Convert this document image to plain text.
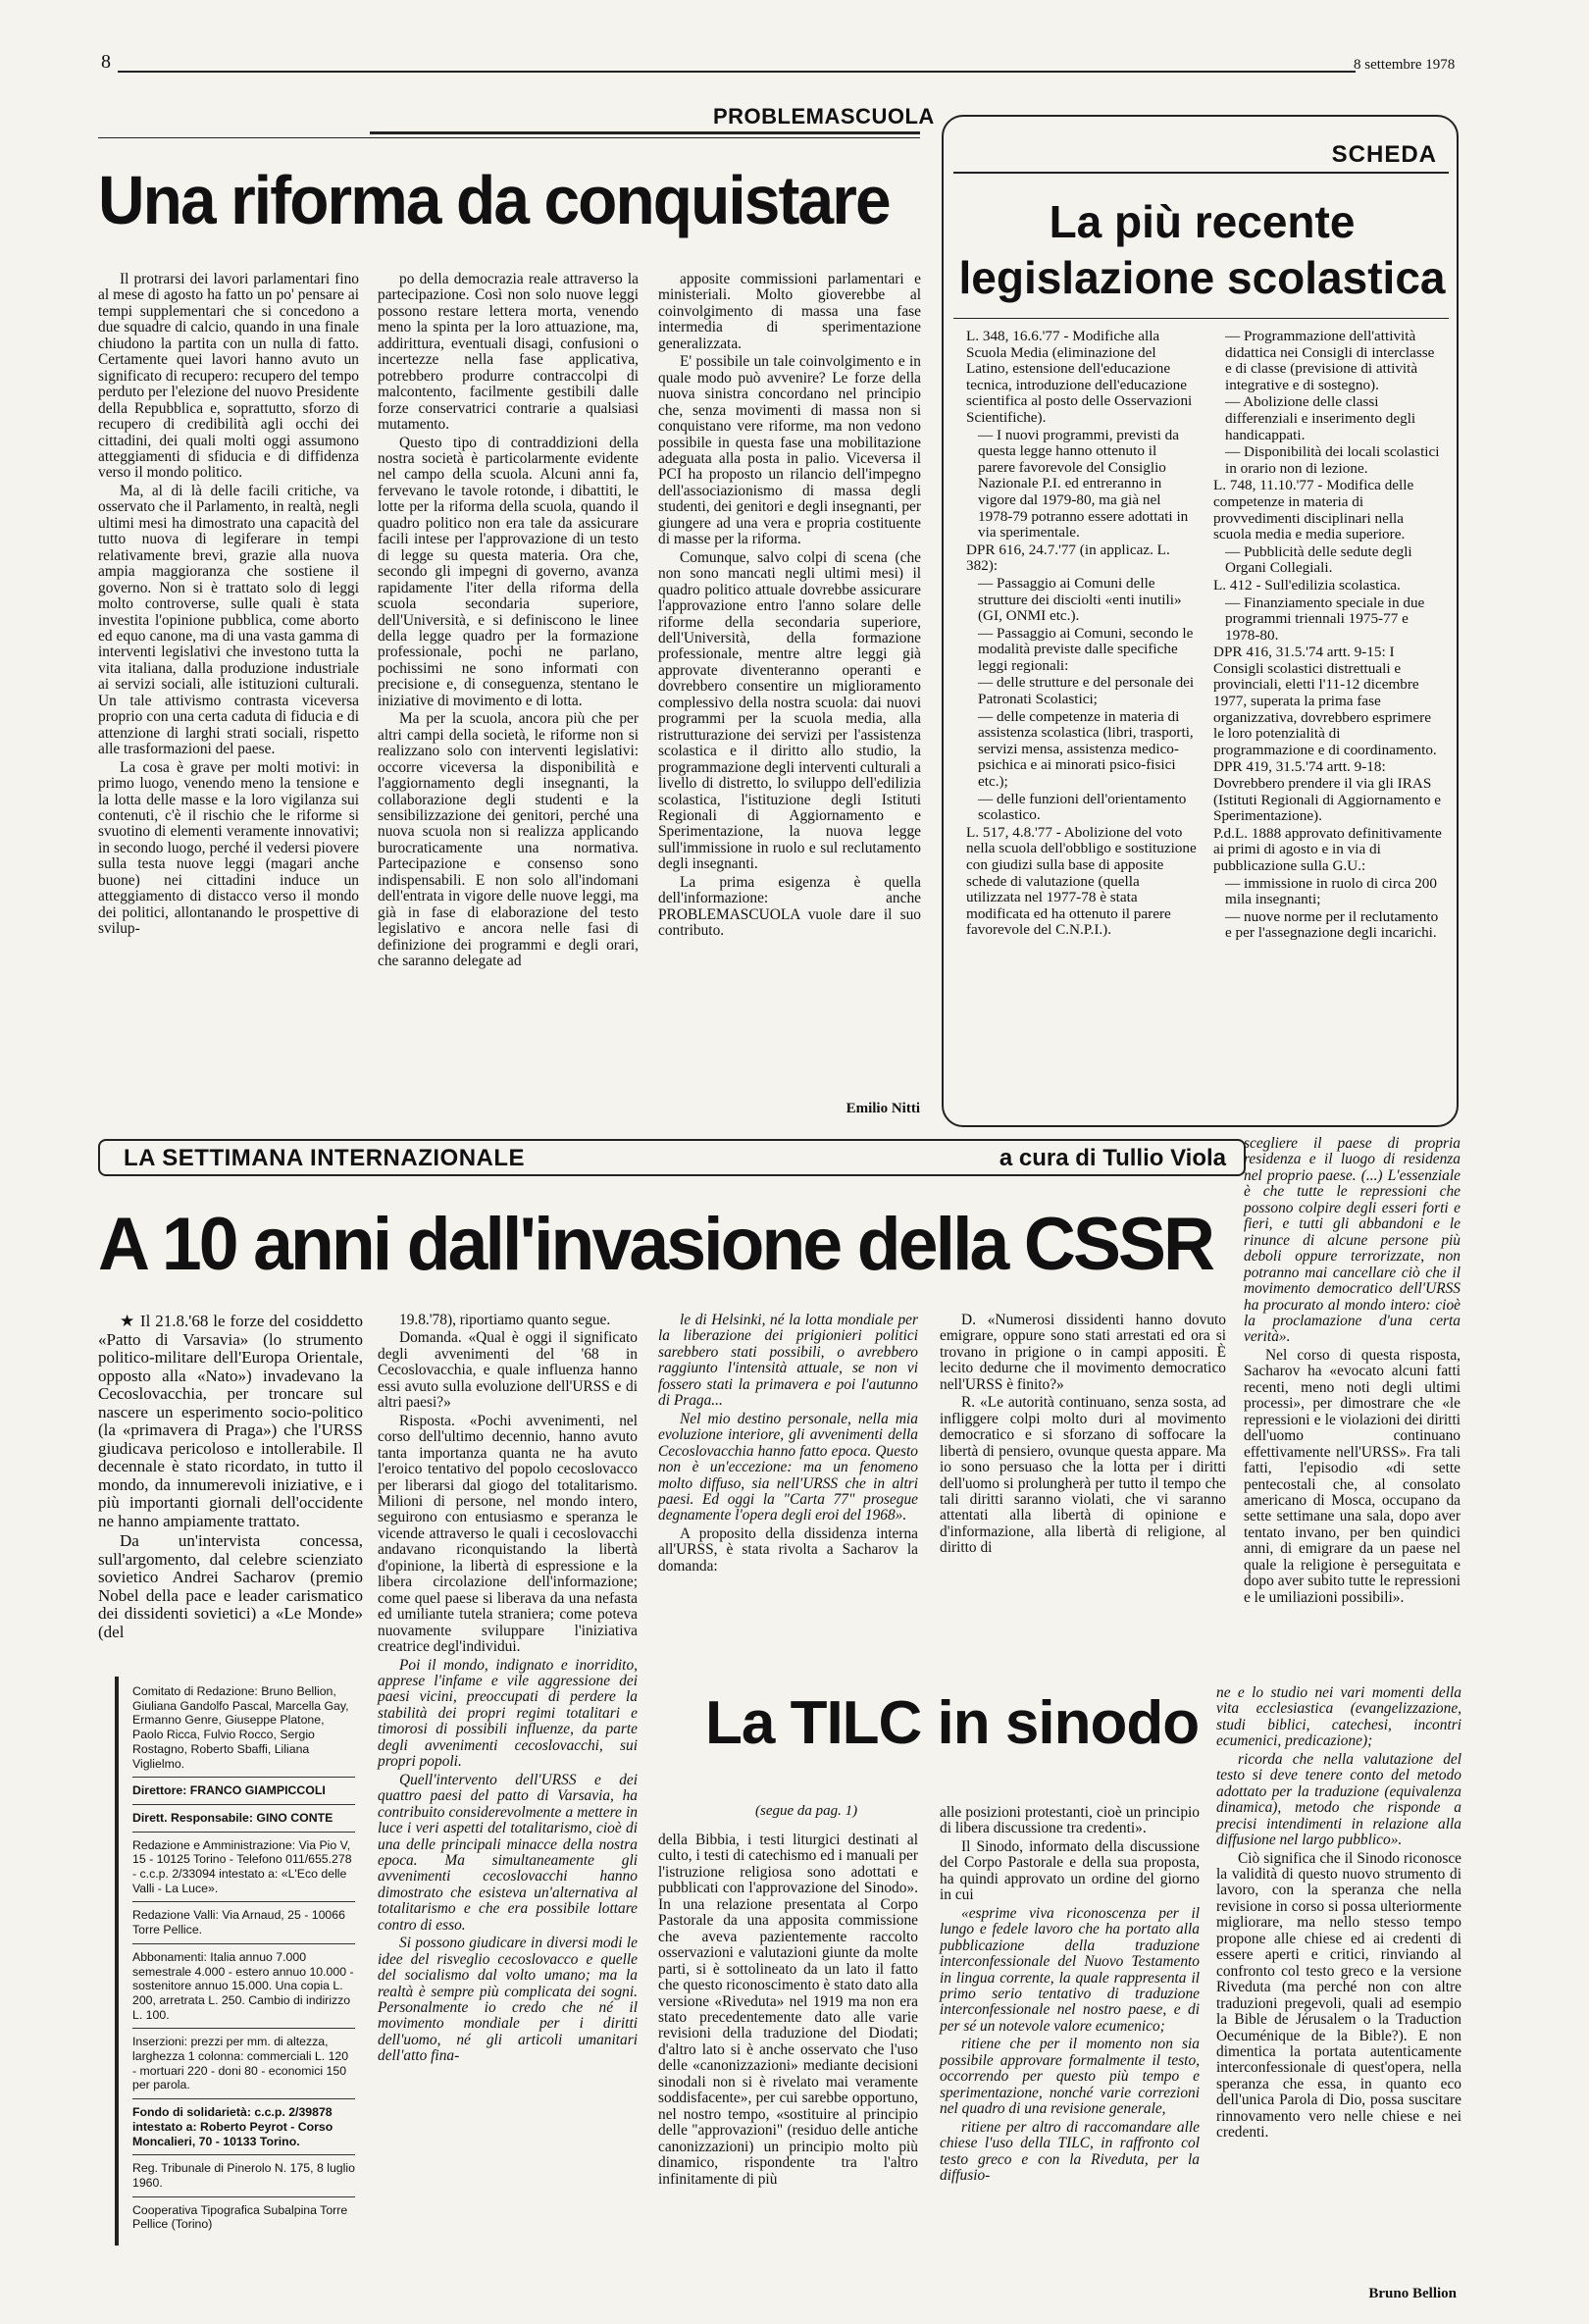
8	8 settembre 1978
PROBLEMASCUOLA
Una riforma da conquistare

Il protrarsi dei lavori parlamentari fino al mese di agosto ha fatto un po' pensare ai tempi supplementari che si concedono a due squadre di calcio, quando in una finale chiudono la partita con un nulla di fatto. Certamente quei lavori hanno avuto un significato di recupero: recupero del tempo perduto per l'elezione del nuovo Presidente della Repubblica e, soprattutto, sforzo di recupero di credibilità agli occhi dei cittadini, dei quali molti oggi assumono atteggiamenti di sfiducia e di diffidenza verso il mondo politico.

Ma, al di là delle facili critiche, va osservato che il Parlamento, in realtà, negli ultimi mesi ha dimostrato una capacità del tutto nuova di legiferare in tempi relativamente brevi, grazie alla nuova ampia maggioranza che sostiene il governo. Non si è trattato solo di leggi molto controverse, sulle quali è stata investita l'opinione pubblica, come aborto ed equo canone, ma di una vasta gamma di interventi legislativi che investono tutta la vita italiana, dalla produzione industriale ai servizi sociali, alle istituzioni culturali. Un tale attivismo contrasta viceversa proprio con una certa caduta di fiducia e di attenzione di larghi strati sociali, rispetto alle trasformazioni del paese.

La cosa è grave per molti motivi: in primo luogo, venendo meno la tensione e la lotta delle masse e la loro vigilanza sui contenuti, c'è il rischio che le riforme si svuotino di elementi veramente innovativi; in secondo luogo, perché il vedersi piovere sulla testa nuove leggi (magari anche buone) nei cittadini induce un atteggiamento di distacco verso il mondo dei politici, allontanando le prospettive di svilup-

po della democrazia reale attraverso la partecipazione. Così non solo nuove leggi possono restare lettera morta, venendo meno la spinta per la loro attuazione, ma, addirittura, eventuali disagi, confusioni o incertezze nella fase applicativa, potrebbero produrre contraccolpi di malcontento, facilmente gestibili dalle forze conservatrici contrarie a qualsiasi mutamento.

Questo tipo di contraddizioni della nostra società è particolarmente evidente nel campo della scuola. Alcuni anni fa, fervevano le tavole rotonde, i dibattiti, le lotte per la riforma della scuola, quando il quadro politico non era tale da assicurare facili intese per l'approvazione di un testo di legge su questa materia. Ora che, secondo gli impegni di governo, avanza rapidamente l'iter della riforma della scuola secondaria superiore, dell'Università, e si definiscono le linee della legge quadro per la formazione professionale, pochi ne parlano, pochissimi ne sono informati con precisione e, di conseguenza, stentano le iniziative di movimento e di lotta.

Ma per la scuola, ancora più che per altri campi della società, le riforme non si realizzano solo con interventi legislativi: occorre viceversa la disponibilità e l'aggiornamento degli insegnanti, la collaborazione degli studenti e la sensibilizzazione dei genitori, perché una nuova scuola non si realizza applicando burocraticamente una normativa. Partecipazione e consenso sono indispensabili. E non solo all'indomani dell'entrata in vigore delle nuove leggi, ma già in fase di elaborazione del testo legislativo e ancora nelle fasi di definizione dei programmi e degli orari, che saranno delegate ad

apposite commissioni parlamentari e ministeriali. Molto gioverebbe al coinvolgimento di massa una fase intermedia di sperimentazione generalizzata.

E' possibile un tale coinvolgimento e in quale modo può avvenire? Le forze della nuova sinistra concordano nel principio che, senza movimenti di massa non si conquistano vere riforme, ma non vedono possibile in questa fase una mobilitazione adeguata alla posta in palio. Viceversa il PCI ha proposto un rilancio dell'impegno dell'associazionismo di massa degli studenti, dei genitori e degli insegnanti, per giungere ad una vera e propria costituente di masse per la riforma.

Comunque, salvo colpi di scena (che non sono mancati negli ultimi mesi) il quadro politico attuale dovrebbe assicurare l'approvazione entro l'anno solare delle riforme della secondaria superiore, dell'Università, della formazione professionale, mentre altre leggi già approvate diventeranno operanti e dovrebbero consentire un miglioramento complessivo della nostra scuola: dai nuovi programmi per la scuola media, alla ristrutturazione dei servizi per l'assistenza scolastica e il diritto allo studio, la programmazione degli interventi culturali a livello di distretto, lo sviluppo dell'edilizia scolastica, l'istituzione degli Istituti Regionali di Aggiornamento e Sperimentazione, la nuova legge sull'immissione in ruolo e sul reclutamento degli insegnanti.

La prima esigenza è quella dell'informazione: anche PROBLEMASCUOLA vuole dare il suo contributo.

Emilio Nitti
SCHEDA
La più recente
legislazione scolastica
L. 348, 16.6.'77 - Modifiche alla Scuola Media (eliminazione del Latino, estensione dell'educazione tecnica, introduzione dell'educazione scientifica al posto delle Osservazioni Scientifiche).
— I nuovi programmi, previsti da questa legge hanno ottenuto il parere favorevole del Consiglio Nazionale P.I. ed entreranno in vigore dal 1979-80, ma già nel 1978-79 potranno essere adottati in via sperimentale.
DPR 616, 24.7.'77 (in applicaz. L. 382):
— Passaggio ai Comuni delle strutture dei disciolti «enti inutili» (GI, ONMI etc.).
— Passaggio ai Comuni, secondo le modalità previste dalle specifiche leggi regionali:
— delle strutture e del personale dei Patronati Scolastici;
— delle competenze in materia di assistenza scolastica (libri, trasporti, servizi mensa, assistenza medico-psichica e ai minorati psico-fisici etc.);
— delle funzioni dell'orientamento scolastico.
L. 517, 4.8.'77 - Abolizione del voto nella scuola dell'obbligo e sostituzione con giudizi sulla base di apposite schede di valutazione (quella utilizzata nel 1977-78 è stata modificata ed ha ottenuto il parere favorevole del C.N.P.I.).
— Programmazione dell'attività didattica nei Consigli di interclasse e di classe (previsione di attività integrative e di sostegno).
— Abolizione delle classi differenziali e inserimento degli handicappati.
— Disponibilità dei locali scolastici in orario non di lezione.
L. 748, 11.10.'77 - Modifica delle competenze in materia di provvedimenti disciplinari nella scuola media e media superiore.
— Pubblicità delle sedute degli Organi Collegiali.
L. 412 - Sull'edilizia scolastica.
— Finanziamento speciale in due programmi triennali 1975-77 e 1978-80.
DPR 416, 31.5.'74 artt. 9-15: I Consigli scolastici distrettuali e provinciali, eletti l'11-12 dicembre 1977, superata la prima fase organizzativa, dovrebbero esprimere le loro potenzialità di programmazione e di coordinamento.
DPR 419, 31.5.'74 artt. 9-18: Dovrebbero prendere il via gli IRAS (Istituti Regionali di Aggiornamento e Sperimentazione).
P.d.L. 1888 approvato definitivamente ai primi di agosto e in via di pubblicazione sulla G.U.:
— immissione in ruolo di circa 200 mila insegnanti;
— nuove norme per il reclutamento e per l'assegnazione degli incarichi.
LA SETTIMANA INTERNAZIONALE	a cura di Tullio Viola
A 10 anni dall'invasione della CSSR

scegliere il paese di propria residenza e il luogo di residenza nel proprio paese. (...) L'essenziale è che tutte le repressioni che possono colpire degli esseri forti e fieri, e tutti gli abbandoni e le rinunce di alcune persone più deboli oppure terrorizzate, non potranno mai cancellare ciò che il movimento democratico dell'URSS ha procurato al mondo intero: cioè la proclamazione d'una certa verità».

Nel corso di questa risposta, Sacharov ha «evocato alcuni fatti recenti, meno noti degli ultimi processi», per dimostrare che «le repressioni e le violazioni dei diritti dell'uomo continuano effettivamente nell'URSS». Fra tali fatti, l'episodio «di sette pentecostali che, al consolato americano di Mosca, occupano da sette settimane una sala, dopo aver tentato invano, per ben quindici anni, di emigrare da un paese nel quale la religione è perseguitata e dopo aver subito tutte le repressioni e le umiliazioni possibili».

★ Il 21.8.'68 le forze del cosiddetto «Patto di Varsavia» (lo strumento politico-militare dell'Europa Orientale, opposto alla «Nato») invadevano la Cecoslovacchia, per troncare sul nascere un esperimento socio-politico (la «primavera di Praga») che l'URSS giudicava pericoloso e intollerabile. Il decennale è stato ricordato, in tutto il mondo, da innumerevoli iniziative, e i più importanti giornali dell'occidente ne hanno ampiamente trattato.

Da un'intervista concessa, sull'argomento, dal celebre scienziato sovietico Andrei Sacharov (premio Nobel della pace e leader carismatico dei dissidenti sovietici) a «Le Monde» (del

19.8.'78), riportiamo quanto segue.

Domanda. «Qual è oggi il significato degli avvenimenti del '68 in Cecoslovacchia, e quale influenza hanno essi avuto sulla evoluzione dell'URSS e di altri paesi?»

Risposta. «Pochi avvenimenti, nel corso dell'ultimo decennio, hanno avuto tanta importanza quanta ne ha avuto l'eroico tentativo del popolo cecoslovacco per liberarsi dal giogo del totalitarismo. Milioni di persone, nel mondo intero, seguirono con entusiasmo e speranza le vicende attraverso le quali i cecoslovacchi andavano riconquistando la libertà d'opinione, la libertà di espressione e la libera circolazione dell'informazione; come quel paese si liberava da una nefasta ed umiliante tutela straniera; come poteva nuovamente sviluppare l'iniziativa creatrice degl'individui.

Poi il mondo, indignato e inorridito, apprese l'infame e vile aggressione dei paesi vicini, preoccupati di perdere la stabilità dei propri regimi totalitari e timorosi di possibili influenze, da parte degli avvenimenti cecoslovacchi, sui propri popoli.

Quell'intervento dell'URSS e dei quattro paesi del patto di Varsavia, ha contribuito considerevolmente a mettere in luce i veri aspetti del totalitarismo, cioè di una delle principali minacce della nostra epoca. Ma simultaneamente gli avvenimenti cecoslovacchi hanno dimostrato che esisteva un'alternativa al totalitarismo e che era possibile lottare contro di esso.

Si possono giudicare in diversi modi le idee del risveglio cecoslovacco e quelle del socialismo dal volto umano; ma la realtà è sempre più complicata dei sogni. Personalmente io credo che né il movimento mondiale per i diritti dell'uomo, né gli articoli umanitari dell'atto fina-

le di Helsinki, né la lotta mondiale per la liberazione dei prigionieri politici sarebbero stati possibili, o avrebbero raggiunto l'intensità attuale, se non vi fossero stati la primavera e poi l'autunno di Praga...

Nel mio destino personale, nella mia evoluzione interiore, gli avvenimenti della Cecoslovacchia hanno fatto epoca. Questo non è un'eccezione: ma un fenomeno molto diffuso, sia nell'URSS che in altri paesi. Ed oggi la "Carta 77" prosegue degnamente l'opera degli eroi del 1968».

A proposito della dissidenza interna all'URSS, è stata rivolta a Sacharov la domanda:

D. «Numerosi dissidenti hanno dovuto emigrare, oppure sono stati arrestati ed ora si trovano in prigione o in campi appositi. È lecito dedurne che il movimento democratico nell'URSS è finito?»

R. «Le autorità continuano, senza sosta, ad infliggere colpi molto duri al movimento democratico e si sforzano di soffocare la libertà di pensiero, ovunque questa appare. Ma io sono persuaso che la lotta per i diritti dell'uomo si prolungherà per tutto il tempo che tali diritti saranno violati, che vi saranno attentati alla libertà di opinione e d'informazione, alla libertà di religione, al diritto di

Comitato di Redazione: Bruno Bellion, Giuliana Gandolfo Pascal, Marcella Gay, Ermanno Genre, Giuseppe Platone, Paolo Ricca, Fulvio Rocco, Sergio Rostagno, Roberto Sbaffi, Liliana Viglielmo.
Direttore: FRANCO GIAMPICCOLI
Dirett. Responsabile: GINO CONTE
Redazione e Amministrazione: Via Pio V, 15 - 10125 Torino - Telefono 011/655.278 - c.c.p. 2/33094 intestato a: «L'Eco delle Valli - La Luce».
Redazione Valli: Via Arnaud, 25 - 10066 Torre Pellice.
Abbonamenti: Italia annuo 7.000 semestrale 4.000 - estero annuo 10.000 - sostenitore annuo 15.000. Una copia L. 200, arretrata L. 250. Cambio di indirizzo L. 100.
Inserzioni: prezzi per mm. di altezza, larghezza 1 colonna: commerciali L. 120 - mortuari 220 - doni 80 - economici 150 per parola.
Fondo di solidarietà: c.c.p. 2/39878 intestato a: Roberto Peyrot - Corso Moncalieri, 70 - 10133 Torino.
Reg. Tribunale di Pinerolo N. 175, 8 luglio 1960.
Cooperativa Tipografica Subalpina Torre Pellice (Torino)
La TILC in sinodo
(segue da pag. 1)

della Bibbia, i testi liturgici destinati al culto, i testi di catechismo ed i manuali per l'istruzione religiosa sono adottati e pubblicati con l'approvazione del Sinodo». In una relazione presentata al Corpo Pastorale da una apposita commissione che aveva pazientemente raccolto osservazioni e valutazioni giunte da molte parti, si è sottolineato da un lato il fatto che questo riconoscimento è stato dato alla versione «Riveduta» nel 1919 ma non era stato precedentemente dato alle varie revisioni della traduzione del Diodati; d'altro lato si è anche osservato che l'uso delle «canonizzazioni» mediante decisioni sinodali non si è rivelato mai veramente soddisfacente», per cui sarebbe opportuno, nel nostro tempo, «sostituire al principio delle "approvazioni" (residuo delle antiche canonizzazioni) un principio molto più dinamico, rispondente tra l'altro infinitamente di più

alle posizioni protestanti, cioè un principio di libera discussione tra credenti».

Il Sinodo, informato della discussione del Corpo Pastorale e della sua proposta, ha quindi approvato un ordine del giorno in cui

«esprime viva riconoscenza per il lungo e fedele lavoro che ha portato alla pubblicazione della traduzione interconfessionale del Nuovo Testamento in lingua corrente, la quale rappresenta il primo serio tentativo di traduzione interconfessionale nel nostro paese, e di per sé un notevole valore ecumenico;

ritiene che per il momento non sia possibile approvare formalmente il testo, occorrendo per questo più tempo e sperimentazione, nonché varie correzioni nel quadro di una revisione generale,

ritiene per altro di raccomandare alle chiese l'uso della TILC, in raffronto col testo greco e con la Riveduta, per la diffusio-

ne e lo studio nei vari momenti della vita ecclesiastica (evangelizzazione, studi biblici, catechesi, incontri ecumenici, predicazione);

ricorda che nella valutazione del testo si deve tenere conto del metodo adottato per la traduzione (equivalenza dinamica), metodo che risponde a precisi intendimenti in relazione alla diffusione nel largo pubblico».

Ciò significa che il Sinodo riconosce la validità di questo nuovo strumento di lavoro, con la speranza che nella revisione in corso si possa ulteriormente migliorare, ma nello stesso tempo propone alle chiese ed ai credenti di essere aperti e critici, rinviando al confronto col testo greco e la versione Riveduta (ma perché non con altre traduzioni pregevoli, quali ad esempio la Bible de Jérusalem o la Traduction Oecuménique de la Bible?). E non dimentica la portata autenticamente interconfessionale di quest'opera, nella speranza che essa, in quanto eco dell'unica Parola di Dio, possa suscitare rinnovamento vero nelle chiese e nei credenti.

Bruno Bellion
